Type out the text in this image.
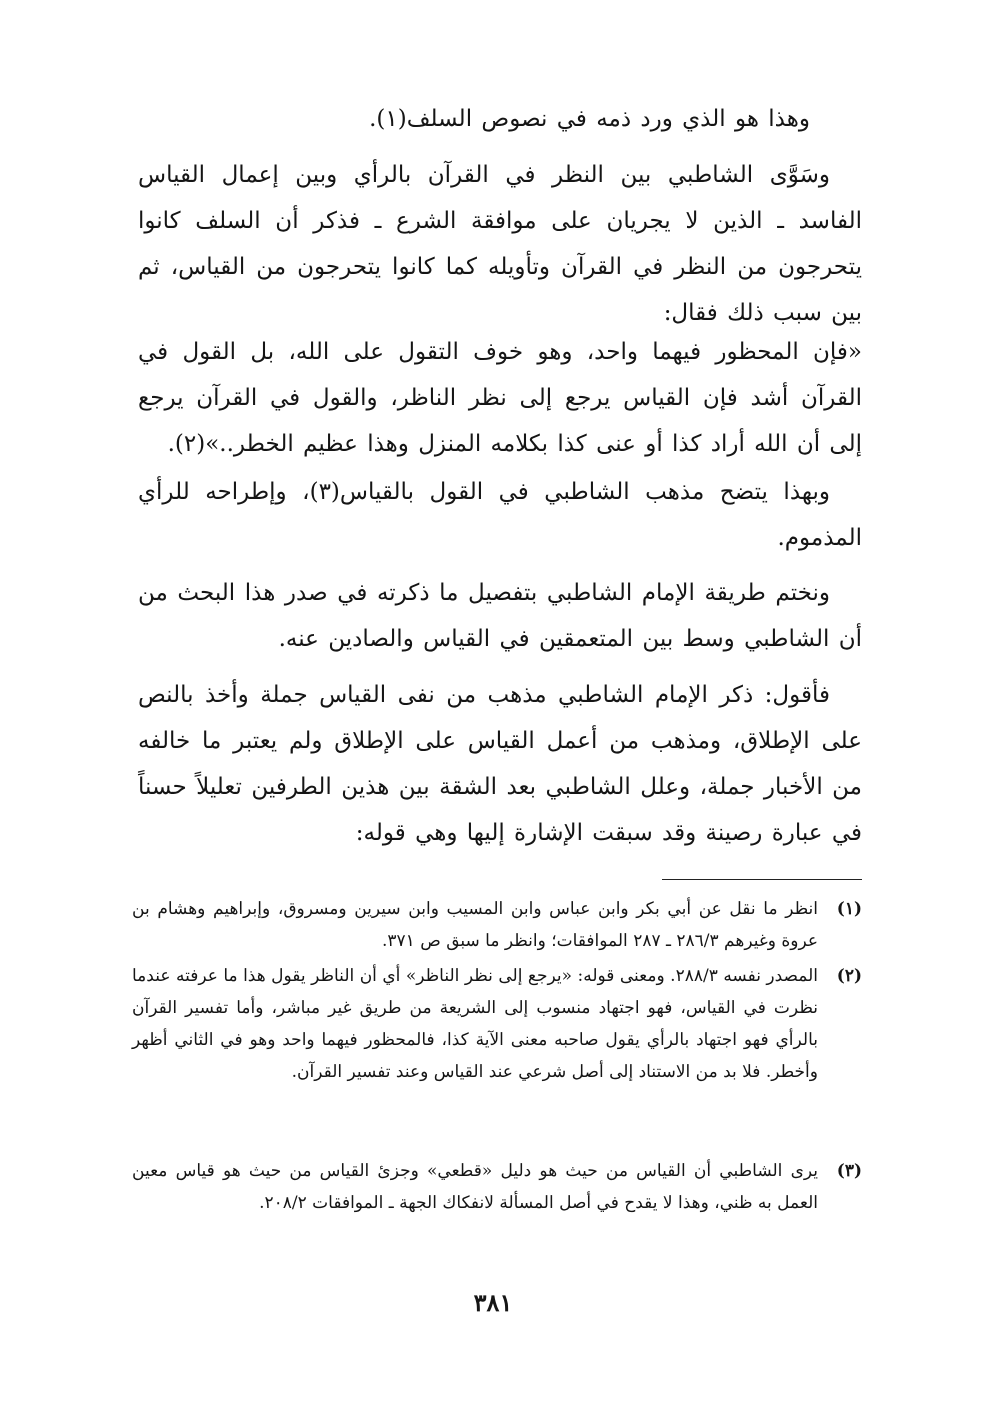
وهذا هو الذي ورد ذمه في نصوص السلف(١).

وسَوَّى الشاطبي بين النظر في القرآن بالرأي وبين إعمال القياس الفاسد ـ الذين لا يجريان على موافقة الشرع ـ فذكر أن السلف كانوا يتحرجون من النظر في القرآن وتأويله كما كانوا يتحرجون من القياس، ثم بين سبب ذلك فقال:

«فإن المحظور فيهما واحد، وهو خوف التقول على الله، بل القول في القرآن أشد فإن القياس يرجع إلى نظر الناظر، والقول في القرآن يرجع إلى أن الله أراد كذا أو عنى كذا بكلامه المنزل وهذا عظيم الخطر..»(٢).

وبهذا يتضح مذهب الشاطبي في القول بالقياس(٣)، وإطراحه للرأي المذموم.

ونختم طريقة الإمام الشاطبي بتفصيل ما ذكرته في صدر هذا البحث من أن الشاطبي وسط بين المتعمقين في القياس والصادين عنه.

فأقول: ذكر الإمام الشاطبي مذهب من نفى القياس جملة وأخذ بالنص على الإطلاق، ومذهب من أعمل القياس على الإطلاق ولم يعتبر ما خالفه من الأخبار جملة، وعلل الشاطبي بعد الشقة بين هذين الطرفين تعليلاً حسناً في عبارة رصينة وقد سبقت الإشارة إليها وهي قوله:

(١)
انظر ما نقل عن أبي بكر وابن عباس وابن المسيب وابن سيرين ومسروق، وإبراهيم وهشام بن عروة وغيرهم ٢٨٦/٣ ـ ٢٨٧ الموافقات؛ وانظر ما سبق ص ٣٧١.
(٢)
المصدر نفسه ٢٨٨/٣. ومعنى قوله: «يرجع إلى نظر الناظر» أي أن الناظر يقول هذا ما عرفته عندما نظرت في القياس، فهو اجتهاد منسوب إلى الشريعة من طريق غير مباشر، وأما تفسير القرآن بالرأي فهو اجتهاد بالرأي يقول صاحبه معنى الآية كذا، فالمحظور فيهما واحد وهو في الثاني أظهر وأخطر. فلا بد من الاستناد إلى أصل شرعي عند القياس وعند تفسير القرآن.
(٣)
يرى الشاطبي أن القياس من حيث هو دليل «قطعي» وجزئ القياس من حيث هو قياس معين العمل به ظني، وهذا لا يقدح في أصل المسألة لانفكاك الجهة ـ الموافقات ٢٠٨/٢.
٣٨١
